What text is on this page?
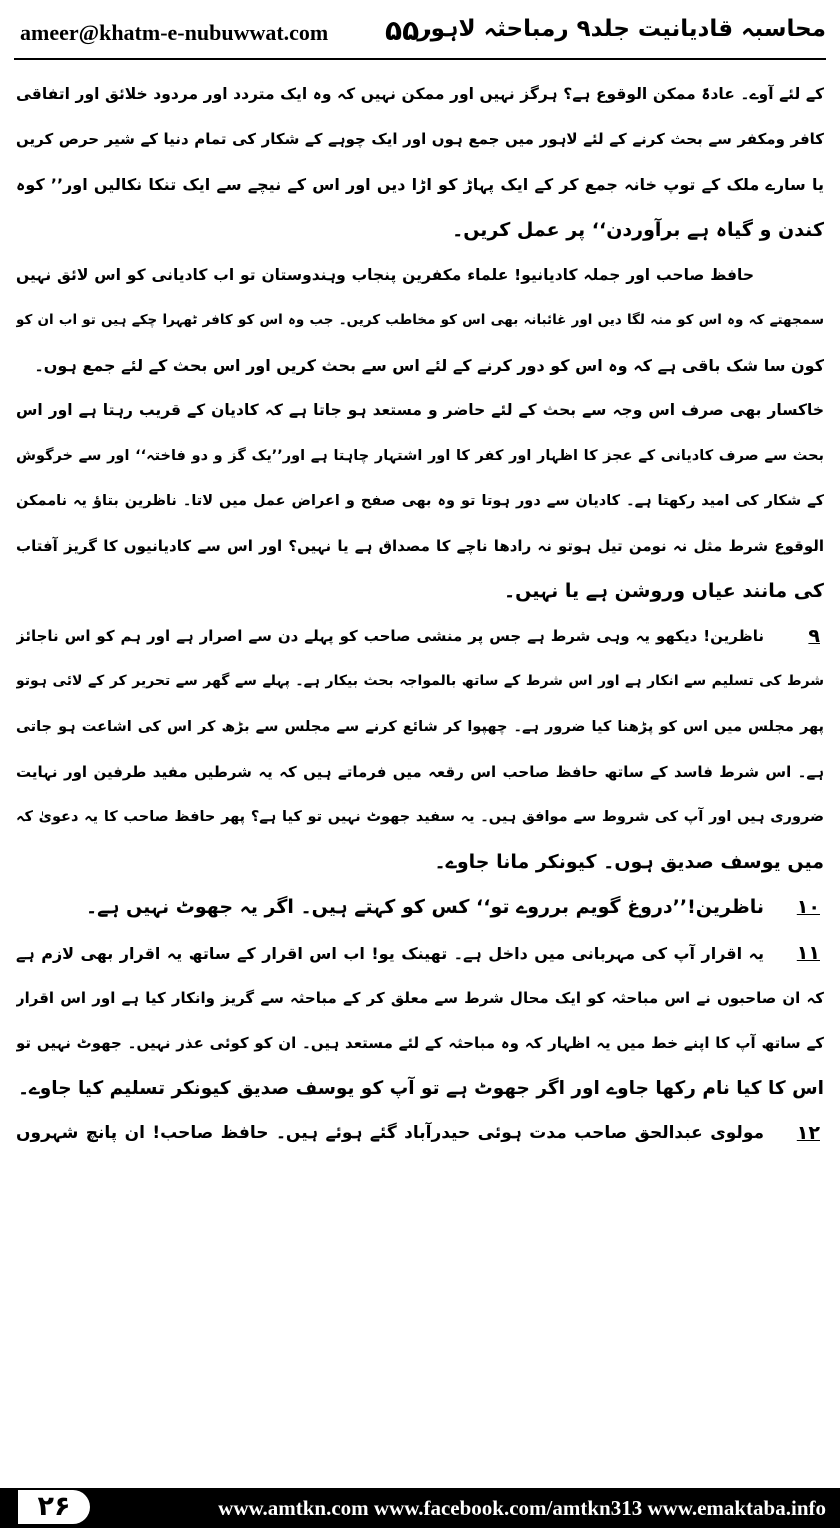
ameer@khatm-e-nubuwwat.com ۵۵۰
محاسبہ قادیانیت جلد۹ رمباحثہ لاہور
کے لئے آوے۔ عادۃً ممکن الوقوع ہے؟ ہرگز نہیں اور ممکن نہیں کہ وہ ایک متردد اور مردود خلائق اور اتفاقی
کافر ومکفر سے بحث کرنے کے لئے لاہور میں جمع ہوں اور ایک چوہے کے شکار کی تمام دنیا کے شیر حرص کریں
یا سارے ملک کے توپ خانہ جمع کر کے ایک پہاڑ کو اڑا دیں اور اس کے نیچے سے ایک تنکا نکالیں اور’’ کوہ
کندن و گیاہ ہے برآوردن‘‘ پر عمل کریں۔
حافظ صاحب اور جملہ کادیانیو! علماء مکفرین پنجاب وہندوستان تو اب کادیانی کو اس لائق نہیں
سمجھتے کہ وہ اس کو منہ لگا دیں اور غائبانہ بھی اس کو مخاطب کریں۔ جب وہ اس کو کافر ٹھہرا چکے ہیں تو اب ان کو
کون سا شک باقی ہے کہ وہ اس کو دور کرنے کے لئے اس سے بحث کریں اور اس بحث کے لئے جمع ہوں۔
خاکسار بھی صرف اس وجہ سے بحث کے لئے حاضر و مستعد ہو جاتا ہے کہ کادیان کے قریب رہتا ہے اور اس
بحث سے صرف کادیانی کے عجز کا اظہار اور کفر کا اور اشتہار چاہتا ہے اور’’یک گز و دو فاختہ‘‘ اور سے خرگوش
کے شکار کی امید رکھتا ہے۔ کادیان سے دور ہوتا تو وہ بھی صفح و اعراض عمل میں لاتا۔ ناظرین بتاؤ یہ ناممکن
الوقوع شرط مثل نہ نومن تیل ہوتو نہ رادھا ناچے کا مصداق ہے یا نہیں؟ اور اس سے کادیانیوں کا گریز آفتاب
کی مانند عیاں وروشن ہے یا نہیں۔
۹
ناظرین! دیکھو یہ وہی شرط ہے جس پر منشی صاحب کو پہلے دن سے اصرار ہے اور ہم کو اس ناجائز
شرط کی تسلیم سے انکار ہے اور اس شرط کے ساتھ بالمواجہ بحث بیکار ہے۔ پہلے سے گھر سے تحریر کر کے لائی ہوتو
پھر مجلس میں اس کو پڑھنا کیا ضرور ہے۔ چھپوا کر شائع کرنے سے مجلس سے بڑھ کر اس کی اشاعت ہو جاتی
ہے۔ اس شرط فاسد کے ساتھ حافظ صاحب اس رقعہ میں فرماتے ہیں کہ یہ شرطیں مفید طرفین اور نہایت
ضروری ہیں اور آپ کی شروط سے موافق ہیں۔ یہ سفید جھوٹ نہیں تو کیا ہے؟ پھر حافظ صاحب کا یہ دعویٰ کہ
میں یوسف صدیق ہوں۔ کیونکر مانا جاوے۔
۱۰
ناظرین!’’دروغ گویم برروے تو‘‘ کس کو کہتے ہیں۔ اگر یہ جھوٹ نہیں ہے۔
۱۱
یہ اقرار آپ کی مہربانی میں داخل ہے۔ تھینک یو! اب اس اقرار کے ساتھ یہ اقرار بھی لازم ہے
کہ ان صاحبوں نے اس مباحثہ کو ایک محال شرط سے معلق کر کے مباحثہ سے گریز وانکار کیا ہے اور اس اقرار
کے ساتھ آپ کا اپنے خط میں یہ اظہار کہ وہ مباحثہ کے لئے مستعد ہیں۔ ان کو کوئی عذر نہیں۔ جھوٹ نہیں تو
اس کا کیا نام رکھا جاوے اور اگر جھوٹ ہے تو آپ کو یوسف صدیق کیونکر تسلیم کیا جاوے۔
۱۲
مولوی عبدالحق صاحب مدت ہوئی حیدرآباد گئے ہوئے ہیں۔ حافظ صاحب! ان پانچ شہروں
www.amtkn.com www.facebook.com/amtkn313 www.emaktaba.info
۲۶
